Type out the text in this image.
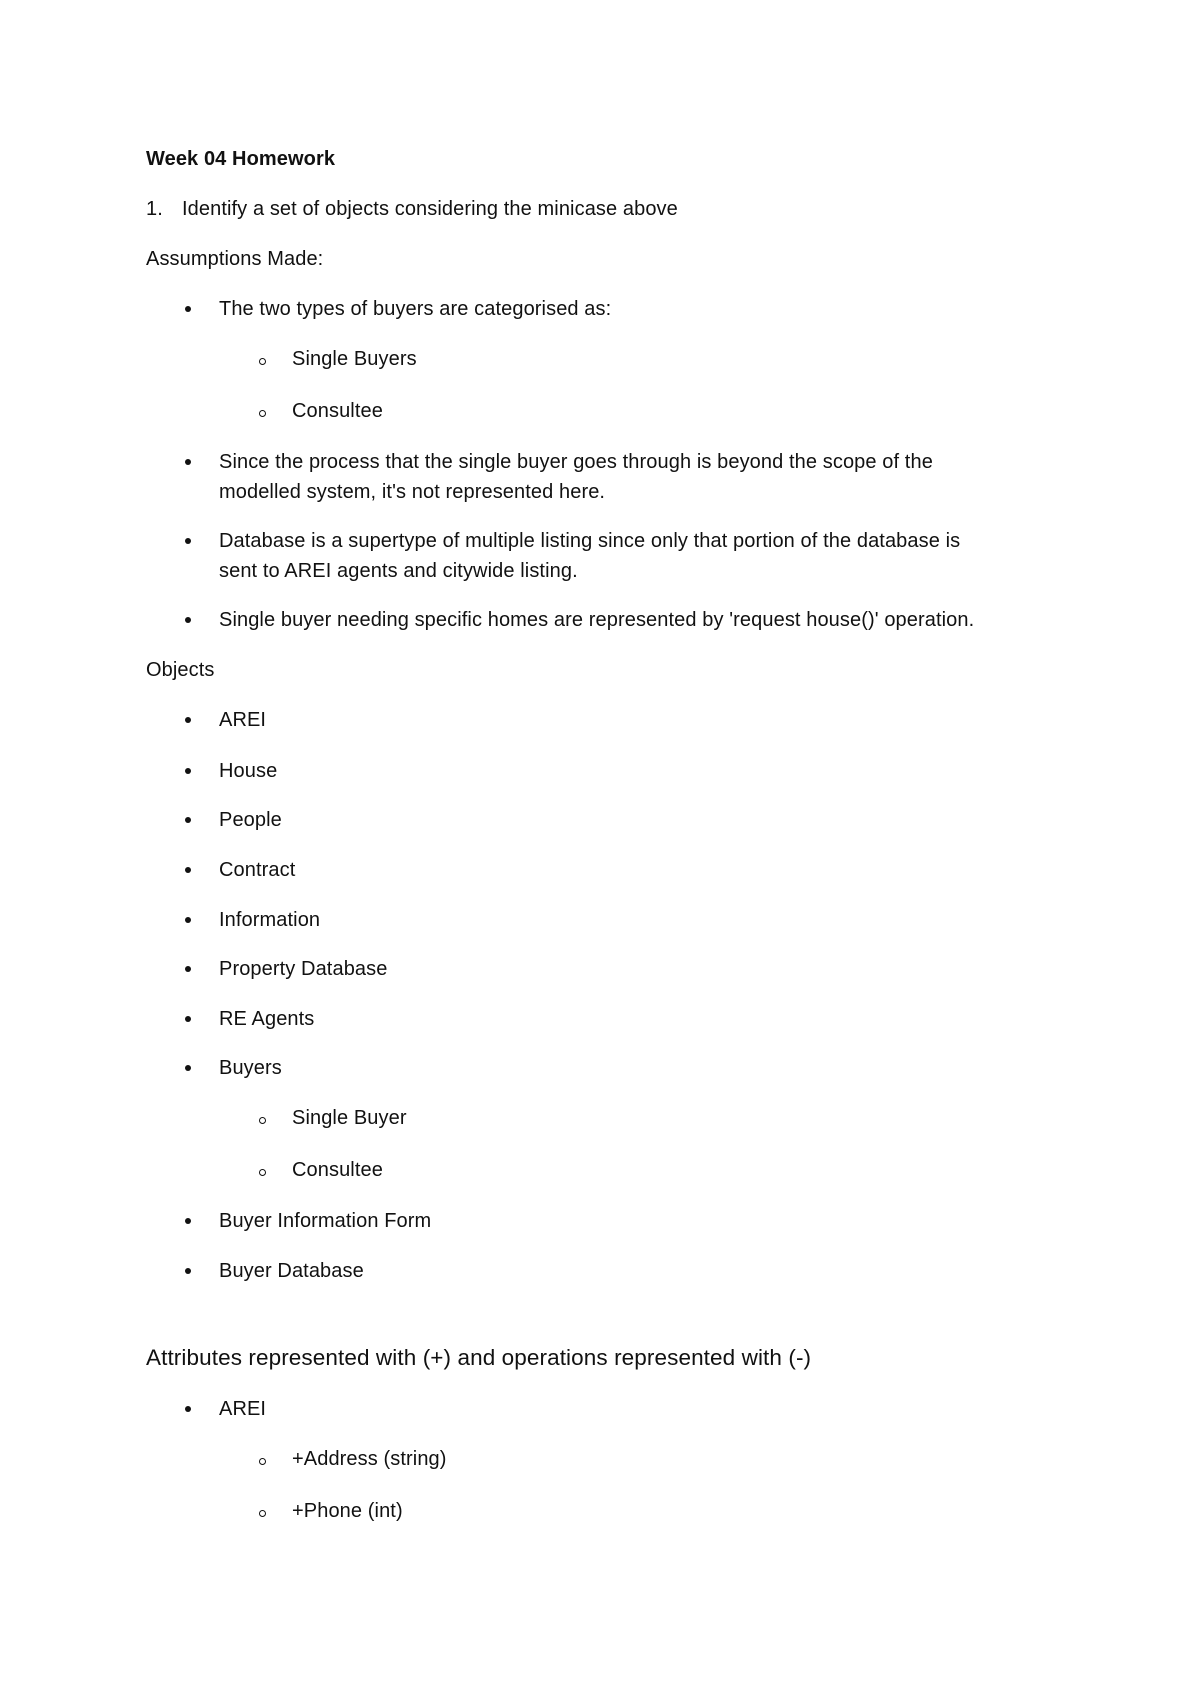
Week 04 Homework
1. Identify a set of objects considering the minicase above
Assumptions Made:
The two types of buyers are categorised as:
Single Buyers
Consultee
Since the process that the single buyer goes through is beyond the scope of the
modelled system, it's not represented here.
Database is a supertype of multiple listing since only that portion of the database is
sent to AREI agents and citywide listing.
Single buyer needing specific homes are represented by 'request house()' operation.
Objects
AREI
House
People
Contract
Information
Property Database
RE Agents
Buyers
Single Buyer
Consultee
Buyer Information Form
Buyer Database
Attributes represented with (+) and operations represented with (-)
AREI
+Address (string)
+Phone (int)
